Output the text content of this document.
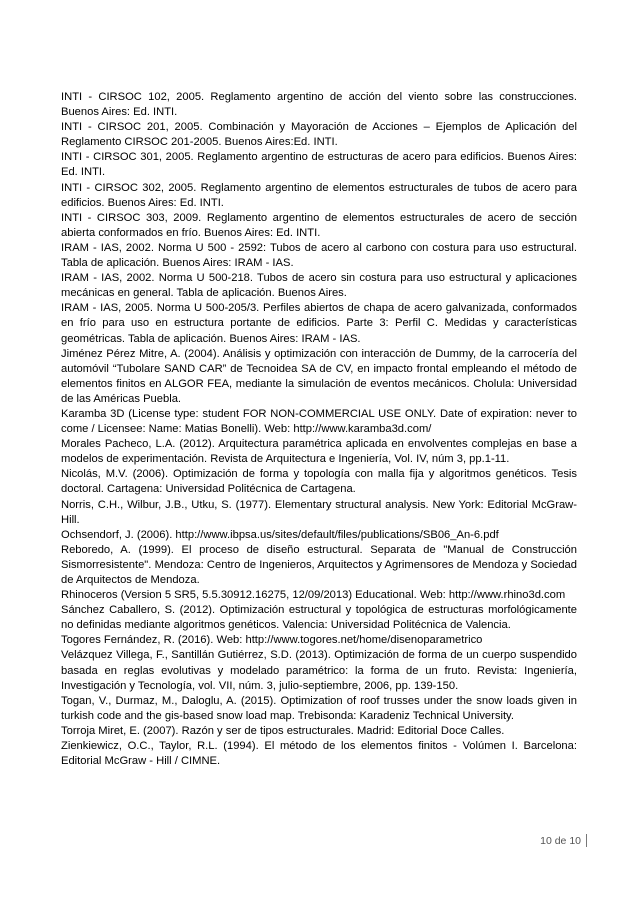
INTI - CIRSOC 102, 2005. Reglamento argentino de acción del viento sobre las construcciones. Buenos Aires: Ed. INTI.
INTI - CIRSOC 201, 2005. Combinación y Mayoración de Acciones – Ejemplos de Aplicación del Reglamento CIRSOC 201-2005. Buenos Aires:Ed. INTI.
INTI - CIRSOC 301, 2005. Reglamento argentino de estructuras de acero para edificios. Buenos Aires: Ed. INTI.
INTI - CIRSOC 302, 2005. Reglamento argentino de elementos estructurales de tubos de acero para edificios. Buenos Aires: Ed. INTI.
INTI - CIRSOC 303, 2009. Reglamento argentino de elementos estructurales de acero de sección abierta conformados en frío. Buenos Aires: Ed. INTI.
IRAM - IAS, 2002. Norma U 500 - 2592: Tubos de acero al carbono con costura para uso estructural. Tabla de aplicación. Buenos Aires: IRAM - IAS.
IRAM - IAS, 2002. Norma U 500-218. Tubos de acero sin costura para uso estructural y aplicaciones mecánicas en general. Tabla de aplicación. Buenos Aires.
IRAM - IAS, 2005. Norma U 500-205/3. Perfiles abiertos de chapa de acero galvanizada, conformados en frío para uso en estructura portante de edificios. Parte 3: Perfil C. Medidas y características geométricas. Tabla de aplicación. Buenos Aires: IRAM - IAS.
Jiménez Pérez Mitre, A. (2004). Análisis y optimización con interacción de Dummy, de la carrocería del automóvil “Tubolare SAND CAR” de Tecnoidea SA de CV, en impacto frontal empleando el método de elementos finitos en ALGOR FEA, mediante la simulación de eventos mecánicos. Cholula: Universidad de las Américas Puebla.
Karamba 3D (License type: student FOR NON-COMMERCIAL USE ONLY. Date of expiration: never to come / Licensee: Name: Matias Bonelli). Web: http://www.karamba3d.com/
Morales Pacheco, L.A. (2012). Arquitectura paramétrica aplicada en envolventes complejas en base a modelos de experimentación. Revista de Arquitectura e Ingeniería, Vol. IV, núm 3, pp.1-11.
Nicolás, M.V. (2006). Optimización de forma y topología con malla fija y algoritmos genéticos. Tesis doctoral. Cartagena: Universidad Politécnica de Cartagena.
Norris, C.H., Wilbur, J.B., Utku, S. (1977). Elementary structural analysis. New York: Editorial McGraw-Hill.
Ochsendorf, J. (2006). http://www.ibpsa.us/sites/default/files/publications/SB06_An-6.pdf
Reboredo, A. (1999). El proceso de diseño estructural. Separata de "Manual de Construcción Sismorresistente". Mendoza: Centro de Ingenieros, Arquitectos y Agrimensores de Mendoza y Sociedad de Arquitectos de Mendoza.
Rhinoceros (Version 5 SR5, 5.5.30912.16275, 12/09/2013) Educational. Web: http://www.rhino3d.com
Sánchez Caballero, S. (2012). Optimización estructural y topológica de estructuras morfológicamente no definidas mediante algoritmos genéticos. Valencia: Universidad Politécnica de Valencia.
Togores Fernández, R. (2016). Web: http://www.togores.net/home/disenoparametrico
Velázquez Villega, F., Santillán Gutiérrez, S.D. (2013). Optimización de forma de un cuerpo suspendido basada en reglas evolutivas y modelado paramétrico: la forma de un fruto. Revista: Ingeniería, Investigación y Tecnología, vol. VII, núm. 3, julio-septiembre, 2006, pp. 139-150.
Togan, V., Durmaz, M., Daloglu, A. (2015). Optimization of roof trusses under the snow loads given in turkish code and the gis-based snow load map. Trebisonda: Karadeniz Technical University.
Torroja Miret, E. (2007). Razón y ser de tipos estructurales. Madrid: Editorial Doce Calles.
Zienkiewicz, O.C., Taylor, R.L. (1994). El método de los elementos finitos - Volúmen I. Barcelona: Editorial McGraw - Hill / CIMNE.
10 de 10
